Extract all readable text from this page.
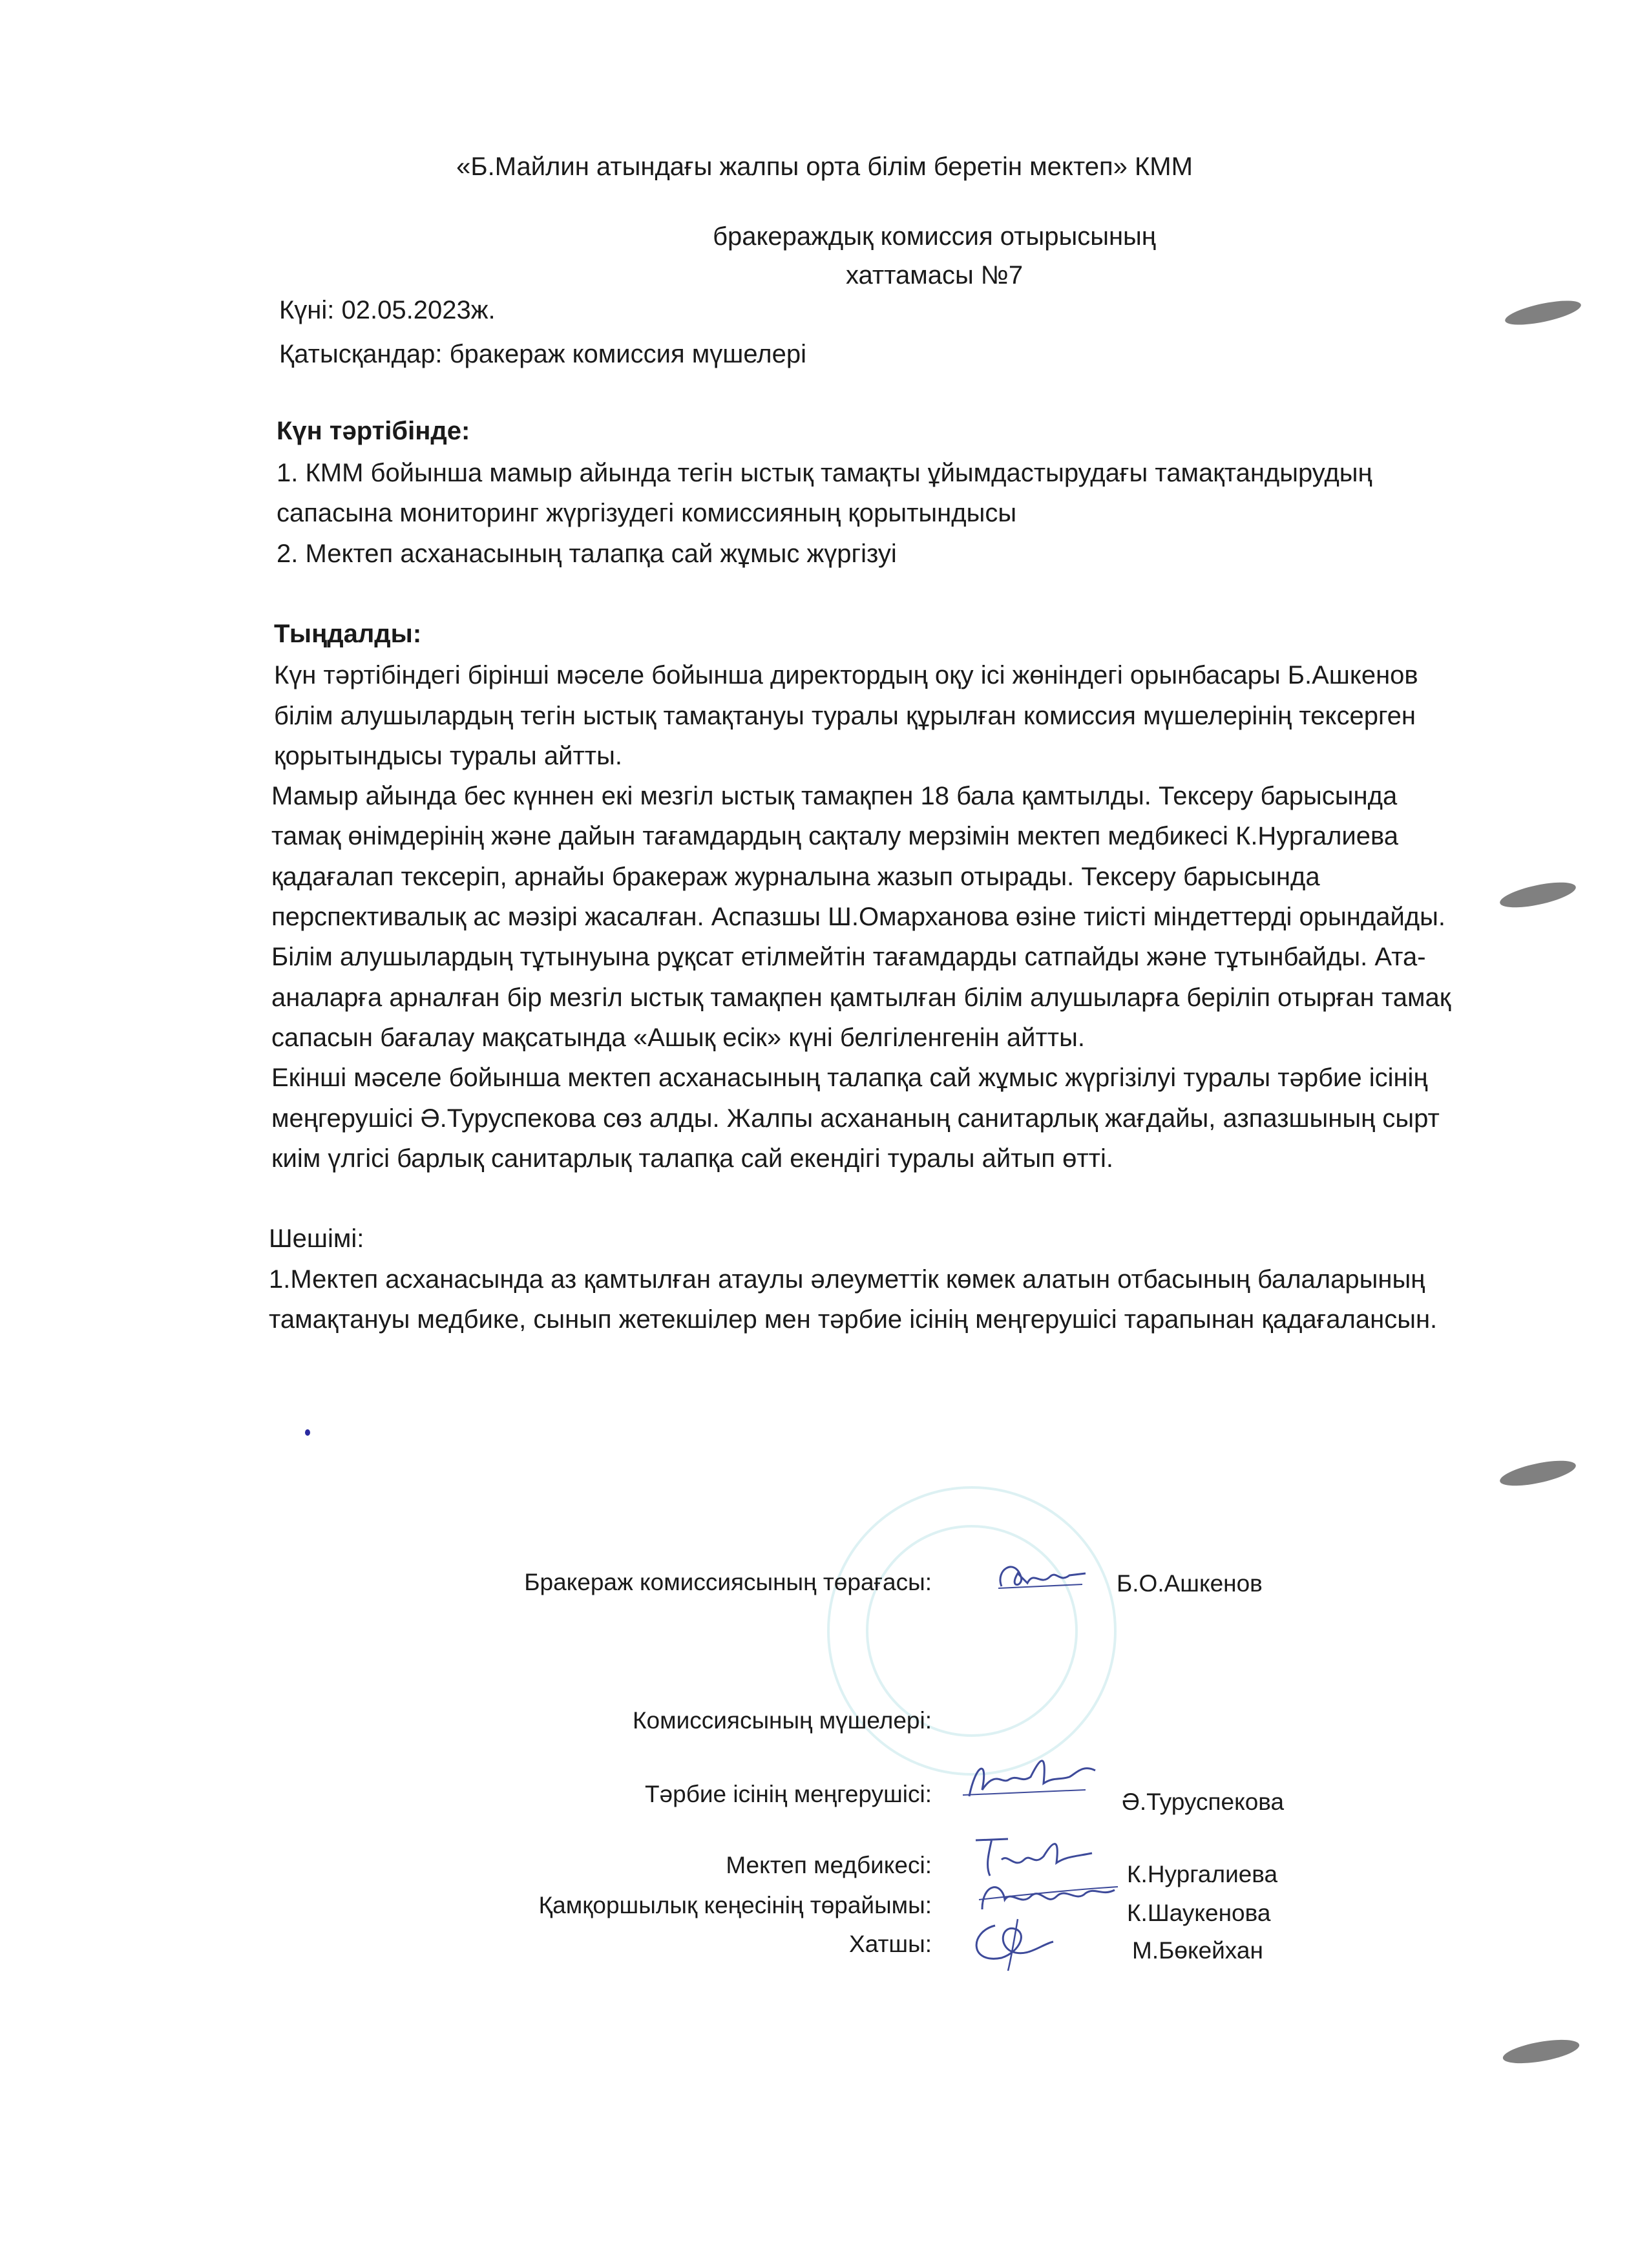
«Б.Майлин атындағы жалпы орта білім беретін мектеп» КММ
бракераждық комиссия отырысының
хаттамасы №7
Күні: 02.05.2023ж.
Қатысқандар: бракераж комиссия мүшелері
Күн тәртібінде:
1. КММ бойынша мамыр айында тегін ыстық тамақты ұйымдастырудағы тамақтандырудың
сапасына мониторинг жүргізудегі комиссияның қорытындысы
2. Мектеп асханасының талапқа сай жұмыс жүргізуі
Тыңдалды:
Күн тәртібіндегі бірінші мәселе бойынша директордың оқу ісі жөніндегі орынбасары Б.Ашкенов
білім алушылардың тегін ыстық тамақтануы туралы құрылған комиссия мүшелерінің тексерген
қорытындысы туралы айтты.
Мамыр айында бес күннен екі мезгіл ыстық тамақпен 18 бала қамтылды. Тексеру барысында
тамақ өнімдерінің және дайын тағамдардың сақталу мерзімін мектеп медбикесі К.Нургалиева
қадағалап тексеріп, арнайы бракераж журналына жазып отырады. Тексеру барысында
перспективалық ас мәзірі жасалған. Аспазшы Ш.Омарханова өзіне тиісті міндеттерді орындайды.
Білім алушылардың тұтынуына рұқсат етілмейтін тағамдарды сатпайды және тұтынбайды. Ата-
аналарға арналған бір мезгіл ыстық тамақпен қамтылған білім алушыларға беріліп отырған тамақ
сапасын бағалау мақсатында «Ашық есік» күні белгіленгенін айтты.
Екінші мәселе бойынша мектеп асханасының талапқа сай жұмыс жүргізілуі туралы тәрбие ісінің
меңгерушісі Ә.Туруспекова сөз алды. Жалпы асхананың санитарлық жағдайы, азпазшының сырт
киім үлгісі барлық санитарлық талапқа сай екендігі туралы айтып өтті.
Шешімі:
1.Мектеп асханасында аз қамтылған атаулы әлеуметтік көмек алатын отбасының балаларының
тамақтануы медбике, сынып жетекшілер мен тәрбие ісінің меңгерушісі тарапынан қадағалансын.
Бракераж комиссиясының төрағасы:	Б.О.Ашкенов
Комиссиясының мүшелері:
Тәрбие ісінің меңгерушісі:	Ә.Туруспекова
Мектеп медбикесі:	К.Нургалиева
Қамқоршылық кеңесінің төрайымы:	К.Шаукенова
Хатшы:	М.Бөкейхан
